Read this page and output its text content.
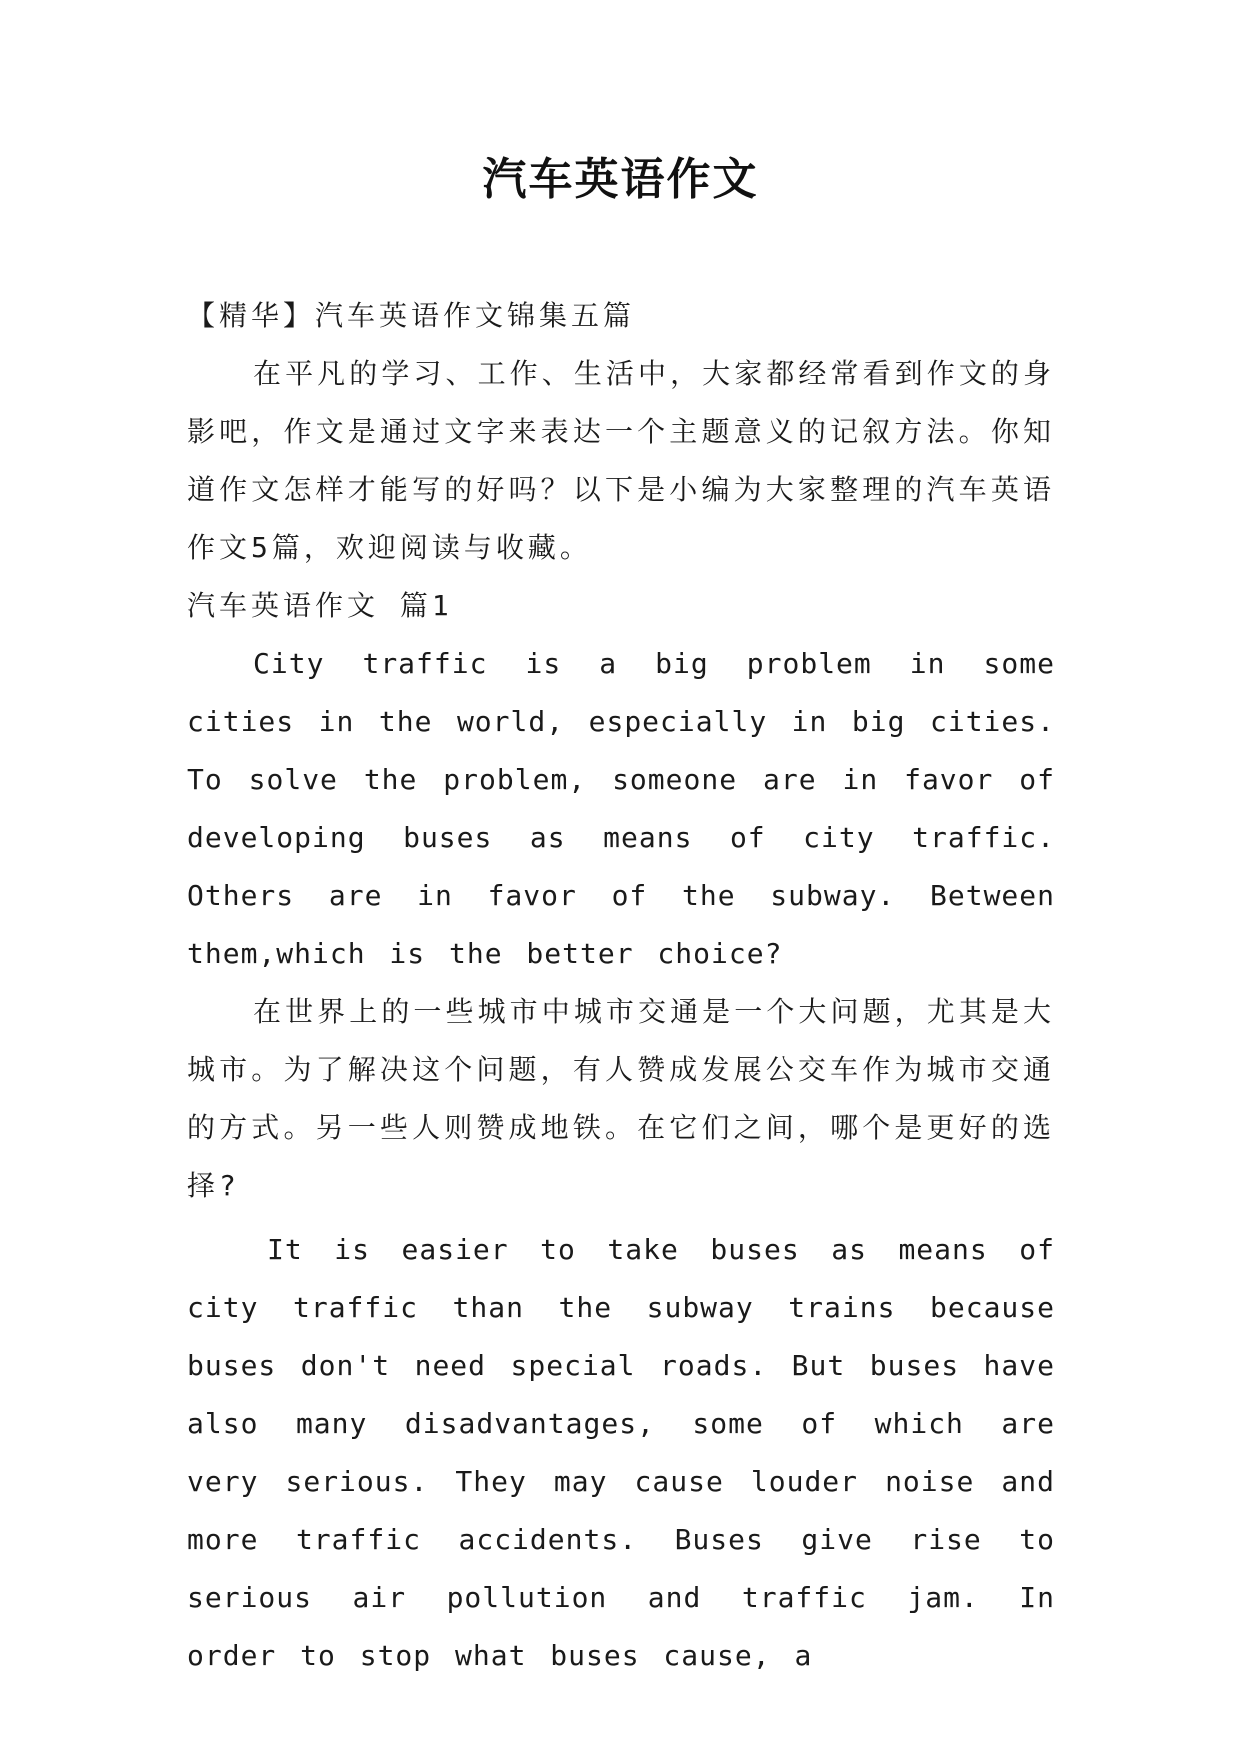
汽车英语作文

【精华】汽车英语作文锦集五篇

在平凡的学习、工作、生活中，大家都经常看到作文的身影吧，作文是通过文字来表达一个主题意义的记叙方法。你知道作文怎样才能写的好吗？以下是小编为大家整理的汽车英语作文5篇，欢迎阅读与收藏。

汽车英语作文 篇1

City traffic is a big problem in some cities in the world, especially in big cities. To solve the problem, someone are in favor of developing buses as means of city traffic. Others are in favor of the subway. Between them,which is the better choice?

在世界上的一些城市中城市交通是一个大问题，尤其是大城市。为了解决这个问题，有人赞成发展公交车作为城市交通的方式。另一些人则赞成地铁。在它们之间，哪个是更好的选择?

It is easier to take buses as means of city traffic than the subway trains because buses don't need special roads. But buses have also many disadvantages, some of which are very serious. They may cause louder noise and more traffic accidents. Buses give rise to serious air pollution and traffic jam. In order to stop what buses cause, a
